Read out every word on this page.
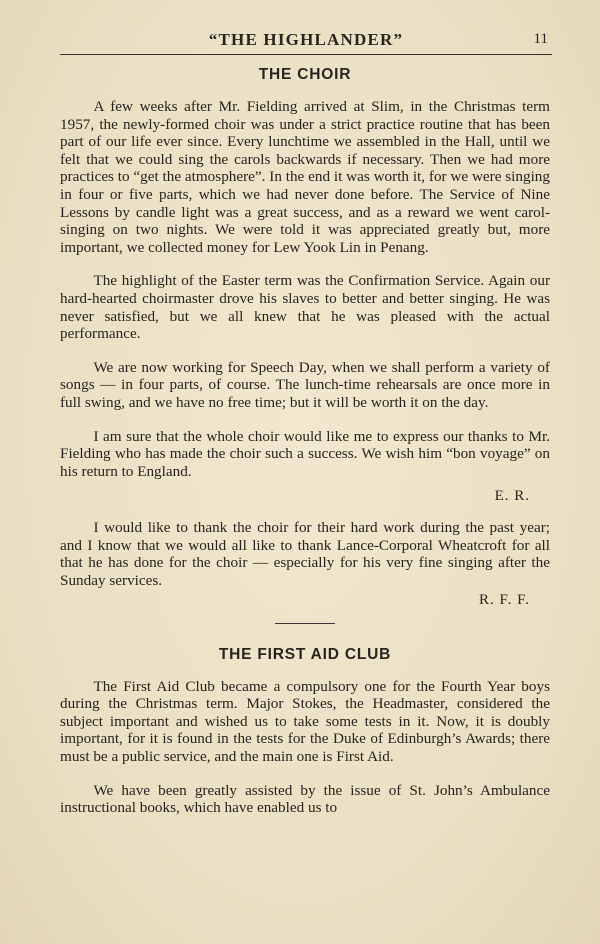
“THE HIGHLANDER”	11
THE CHOIR

A few weeks after Mr. Fielding arrived at Slim, in the Christmas term 1957, the newly-formed choir was under a strict practice routine that has been part of our life ever since. Every lunchtime we assembled in the Hall, until we felt that we could sing the carols backwards if necessary. Then we had more practices to “get the atmosphere”. In the end it was worth it, for we were singing in four or five parts, which we had never done before. The Service of Nine Lessons by candle light was a great success, and as a reward we went carol-singing on two nights. We were told it was appreciated greatly but, more important, we collected money for Lew Yook Lin in Penang.

The highlight of the Easter term was the Confirmation Service. Again our hard-hearted choirmaster drove his slaves to better and better singing. He was never satisfied, but we all knew that he was pleased with the actual performance.

We are now working for Speech Day, when we shall perform a variety of songs — in four parts, of course. The lunch-time rehearsals are once more in full swing, and we have no free time; but it will be worth it on the day.

I am sure that the whole choir would like me to express our thanks to Mr. Fielding who has made the choir such a success. We wish him “bon voyage” on his return to England.

E. R.

I would like to thank the choir for their hard work during the past year; and I know that we would all like to thank Lance-Corporal Wheatcroft for all that he has done for the choir — especially for his very fine singing after the Sunday services.

R. F. F.
THE FIRST AID CLUB

The First Aid Club became a compulsory one for the Fourth Year boys during the Christmas term. Major Stokes, the Headmaster, considered the subject important and wished us to take some tests in it. Now, it is doubly important, for it is found in the tests for the Duke of Edinburgh’s Awards; there must be a public service, and the main one is First Aid.

We have been greatly assisted by the issue of St. John’s Ambulance instructional books, which have enabled us to
